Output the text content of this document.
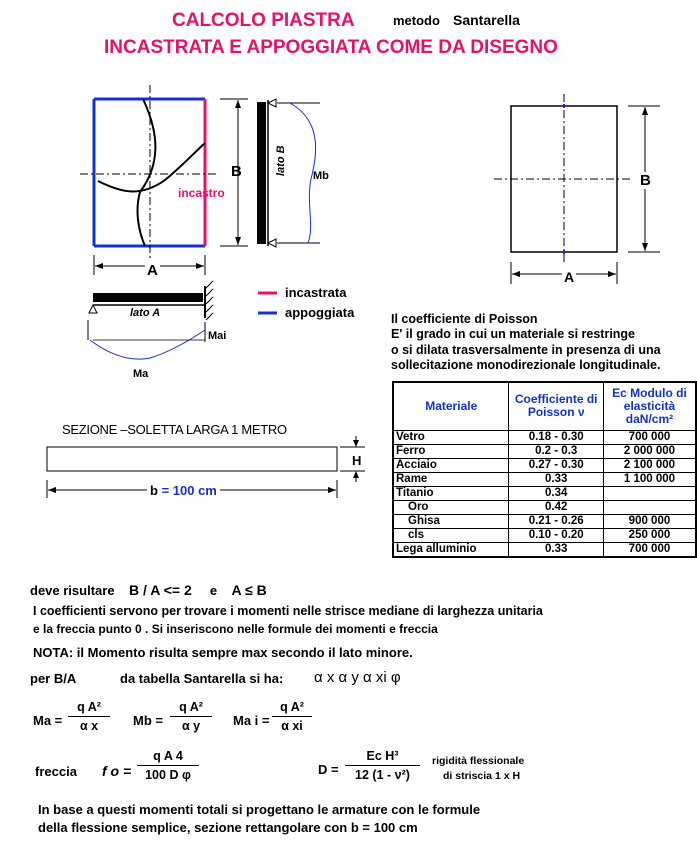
CALCOLO PIASTRA	metodo Santarella
INCASTRATA E APPOGGIATA COME DA DISEGNO
B
A
incastro
lato B Mb
lato A
Mai
Ma
B
A
incastrata
appoggiata	Il coefficiente di Poisson
E' il grado in cui un materiale si restringe
o si dilata trasversalmente in presenza di una
sollecitazione monodirezionale longitudinale.
SEZIONE –SOLETTA LARGA 1 METRO
H
b = 100 cm
Materiale	Coefficiente di Poisson ν	Ec Modulo di elasticità daN/cm²
Vetro	0.18 - 0.30	700 000
Ferro	0.2 - 0.3	2 000 000
Acciaio	0.27 - 0.30	2 100 000
Rame	0.33	1 100 000
Titanio	0.34	
Oro	0.42	
Ghisa	0.21 - 0.26	900 000
cls	0.10 - 0.20	250 000
Lega alluminio	0.33	700 000
deve risultare B / A <= 2 e A ≤ B
I coefficienti servono per trovare i momenti nelle strisce mediane di larghezza unitaria
e la freccia punto 0 . Si inseriscono nelle formule dei momenti e freccia
NOTA: il Momento risulta sempre max secondo il lato minore.
per B/A	da tabella Santarella si ha: α x α y α xi φ
$Ma = \frac{\text{q A²}}{\text{α x}}$ $Mb = \frac{\text{q A²}}{\text{α y}}$ Ma $i = \frac{\text{q A²}}{\text{α xi}}$
freccia f $o = \frac{\text{q A 4}}{\text{100 D φ}}$	$D = \frac{\text{Ec H³}}{\text{12 (1 - ν²)}}$ rigidità flessionale
di striscia 1 x H
In base a questi momenti totali si progettano le armature con le formule
della flessione semplice, sezione rettangolare con b = 100 cm
